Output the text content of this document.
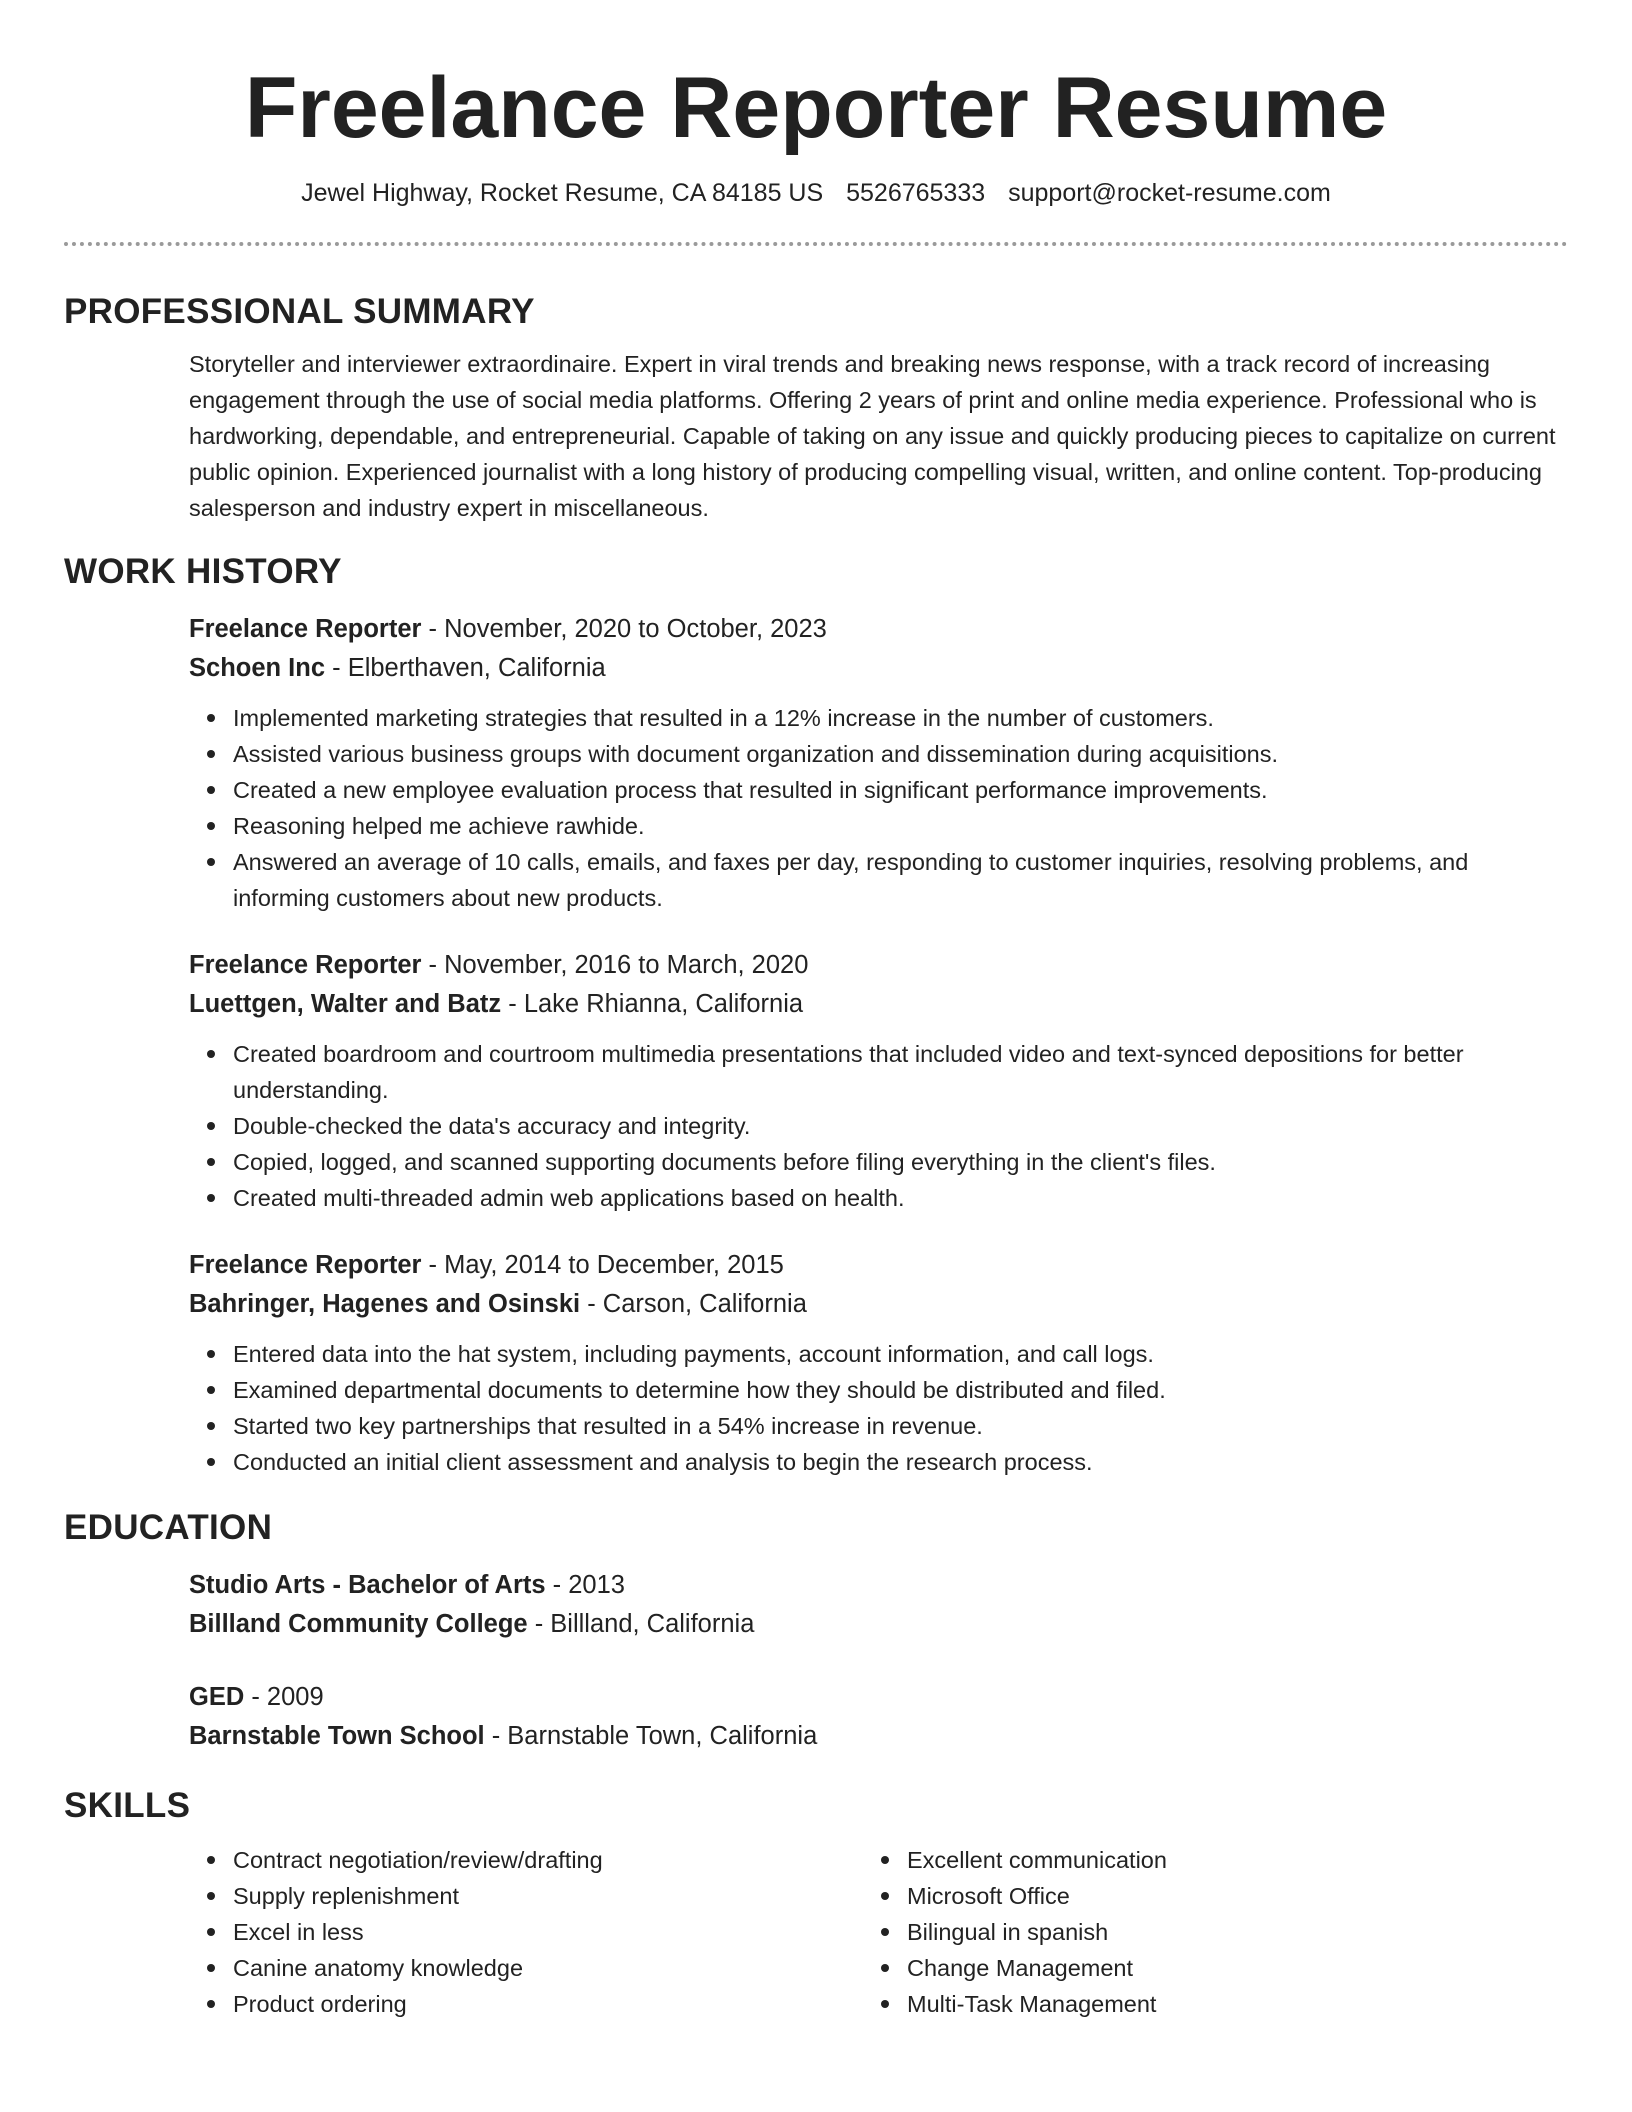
Freelance Reporter Resume
Jewel Highway, Rocket Resume, CA 84185 US 5526765333 support@rocket-resume.com
PROFESSIONAL SUMMARY

Storyteller and interviewer extraordinaire. Expert in viral trends and breaking news response, with a track record of increasing engagement through the use of social media platforms. Offering 2 years of print and online media experience. Professional who is hardworking, dependable, and entrepreneurial. Capable of taking on any issue and quickly producing pieces to capitalize on current public opinion. Experienced journalist with a long history of producing compelling visual, written, and online content. Top-producing salesperson and industry expert in miscellaneous.

WORK HISTORY
Freelance Reporter - November, 2020 to October, 2023
Schoen Inc - Elberthaven, California
Implemented marketing strategies that resulted in a 12% increase in the number of customers.
Assisted various business groups with document organization and dissemination during acquisitions.
Created a new employee evaluation process that resulted in significant performance improvements.
Reasoning helped me achieve rawhide.
Answered an average of 10 calls, emails, and faxes per day, responding to customer inquiries, resolving problems, and informing customers about new products.
Freelance Reporter - November, 2016 to March, 2020
Luettgen, Walter and Batz - Lake Rhianna, California
Created boardroom and courtroom multimedia presentations that included video and text-synced depositions for better understanding.
Double-checked the data's accuracy and integrity.
Copied, logged, and scanned supporting documents before filing everything in the client's files.
Created multi-threaded admin web applications based on health.
Freelance Reporter - May, 2014 to December, 2015
Bahringer, Hagenes and Osinski - Carson, California
Entered data into the hat system, including payments, account information, and call logs.
Examined departmental documents to determine how they should be distributed and filed.
Started two key partnerships that resulted in a 54% increase in revenue.
Conducted an initial client assessment and analysis to begin the research process.
EDUCATION
Studio Arts - Bachelor of Arts - 2013
Billland Community College - Billland, California
GED - 2009
Barnstable Town School - Barnstable Town, California
SKILLS
Contract negotiation/review/drafting
Supply replenishment
Excel in less
Canine anatomy knowledge
Product ordering
Excellent communication
Microsoft Office
Bilingual in spanish
Change Management
Multi-Task Management
